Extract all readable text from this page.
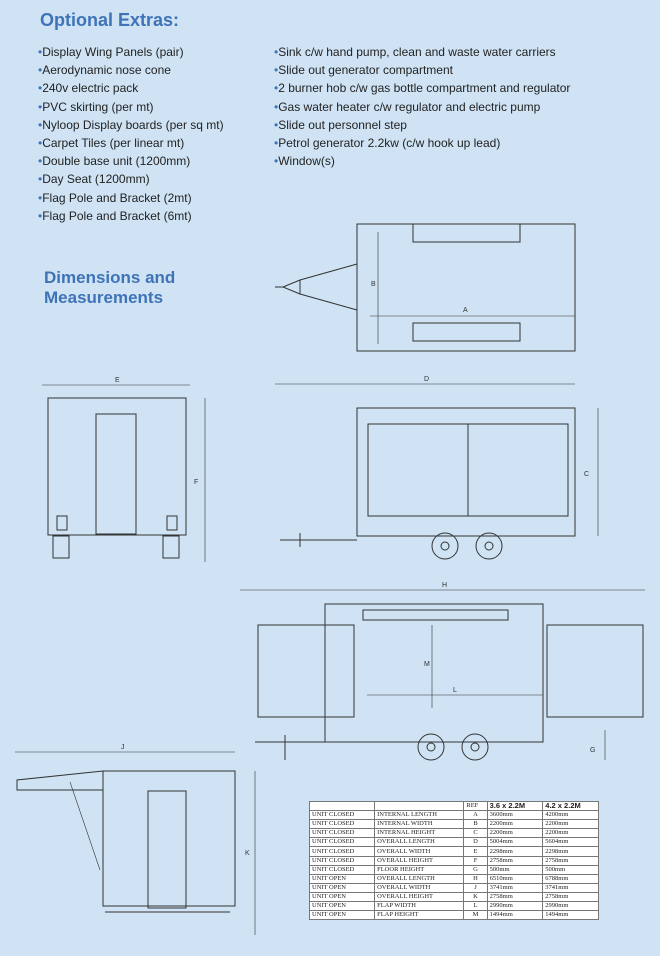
Optional Extras:
• Display Wing Panels (pair)
• Aerodynamic nose cone
• 240v electric pack
• PVC skirting (per mt)
• Nyloop Display boards (per sq mt)
• Carpet Tiles (per linear mt)
• Double base unit (1200mm)
• Day Seat (1200mm)
• Flag Pole and Bracket (2mt)
• Flag Pole and Bracket (6mt)
• Sink c/w hand pump, clean and waste water carriers
• Slide out generator compartment
• 2 burner hob c/w gas bottle compartment and regulator
• Gas water heater c/w regulator and electric pump
• Slide out personnel step
• Petrol generator 2.2kw (c/w hook up lead)
• Window(s)
Dimensions and
Measurements
A
B
C
D
E
F
G
H
J
K
L
M
		REF	3.6 x 2.2M	4.2 x 2.2M
UNIT CLOSED	INTERNAL LENGTH	A	3600mm	4200mm
UNIT CLOSED	INTERNAL WIDTH	B	2200mm	2200mm
UNIT CLOSED	INTERNAL HEIGHT	C	2200mm	2200mm
UNIT CLOSED	OVERALL LENGTH	D	5004mm	5604mm
UNIT CLOSED	OVERALL WIDTH	E	2298mm	2298mm
UNIT CLOSED	OVERALL HEIGHT	F	2758mm	2758mm
UNIT CLOSED	FLOOR HEIGHT	G	500mm	500mm
UNIT OPEN	OVERALL LENGTH	H	6510mm	6788mm
UNIT OPEN	OVERALL WIDTH	J	3741mm	3741mm
UNIT OPEN	OVERALL HEIGHT	K	2758mm	2758mm
UNIT OPEN	FLAP WIDTH	L	2990mm	2990mm
UNIT OPEN	FLAP HEIGHT	M	1494mm	1494mm
